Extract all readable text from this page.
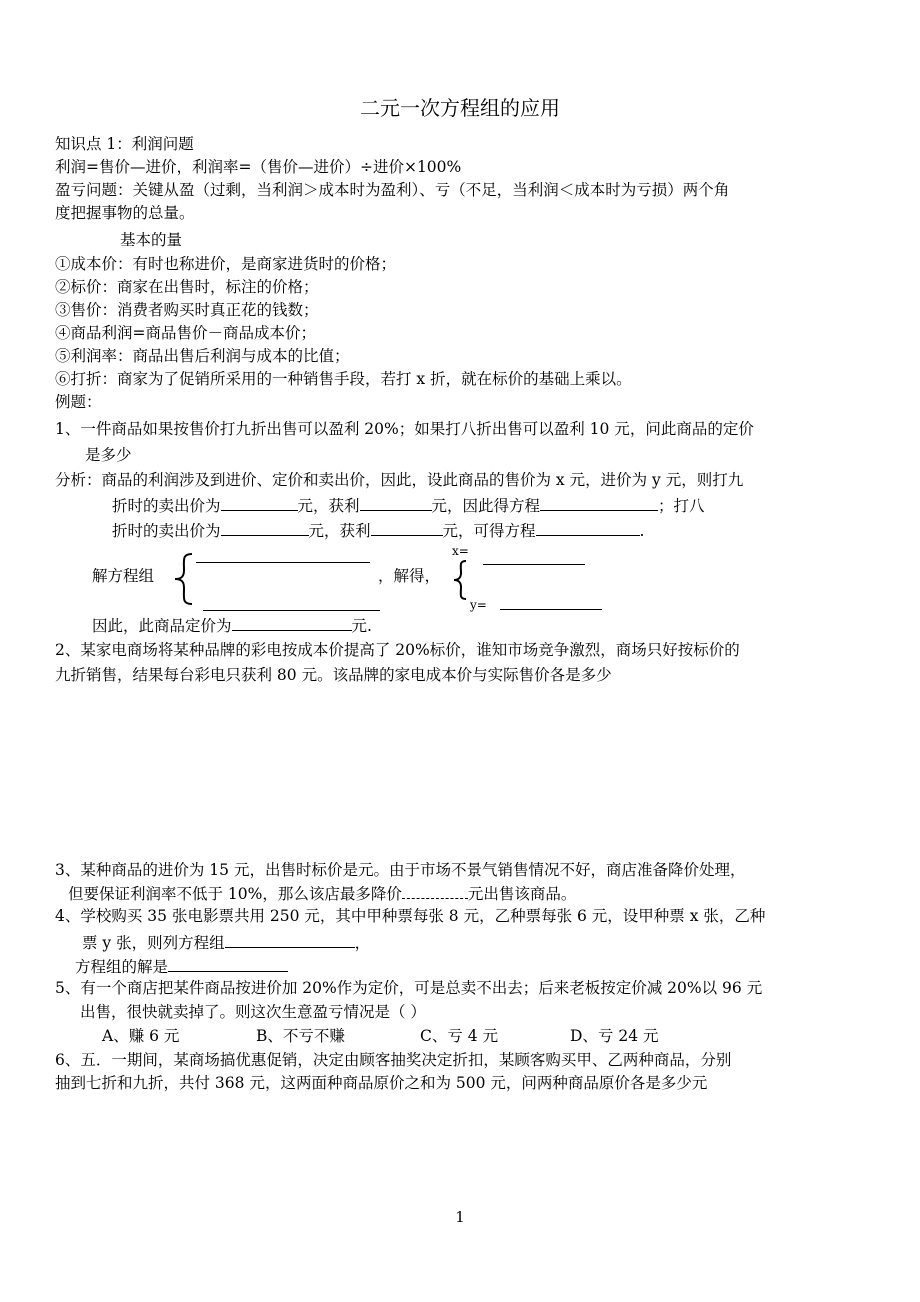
二元一次方程组的应用
知识点 1：利润问题
利润=售价—进价，利润率=（售价—进价）÷进价×100%
盈亏问题：关键从盈（过剩，当利润＞成本时为盈利）、亏（不足，当利润＜成本时为亏损）两个角
度把握事物的总量。
基本的量
①成本价：有时也称进价，是商家进货时的价格；
②标价：商家在出售时，标注的价格；
③售价：消费者购买时真正花的钱数；
④商品利润=商品售价－商品成本价；
⑤利润率：商品出售后利润与成本的比值；
⑥打折：商家为了促销所采用的一种销售手段，若打 x 折，就在标价的基础上乘以。
例题：
1、一件商品如果按售价打九折出售可以盈利 20%；如果打八折出售可以盈利 10 元，问此商品的定价
是多少
分析：商品的利润涉及到进价、定价和卖出价，因此，设此商品的售价为 x 元，进价为 y 元，则打九
折时的卖出价为	元，获利	元，因此得方程	；打八
折时的卖出价为	元，获利	元，可得方程	.
解方程组	，解得，
x=
y=
因此，此商品定价为	元.
2、某家电商场将某种品牌的彩电按成本价提高了 20%标价，谁知市场竞争激烈，商场只好按标价的
九折销售，结果每台彩电只获利 80 元。该品牌的家电成本价与实际售价各是多少
3、某种商品的进价为 15 元，出售时标价是元。由于市场不景气销售情况不好，商店准备降价处理，
但要保证利润率不低于 10%，那么该店最多降价	元出售该商品。
4、学校购买 35 张电影票共用 250 元，其中甲种票每张 8 元，乙种票每张 6 元，设甲种票 x 张，乙种
票 y 张，则列方程组	，
方程组的解是
5、有一个商店把某件商品按进价加 20%作为定价，可是总卖不出去；后来老板按定价减 20%以 96 元
出售，很快就卖掉了。则这次生意盈亏情况是（ ）
A、赚 6 元	B、不亏不赚	C、亏 4 元	D、亏 24 元
6、五．一期间，某商场搞优惠促销，决定由顾客抽奖决定折扣，某顾客购买甲、乙两种商品，分别
抽到七折和九折，共付 368 元，这两面种商品原价之和为 500 元，问两种商品原价各是多少元
1
